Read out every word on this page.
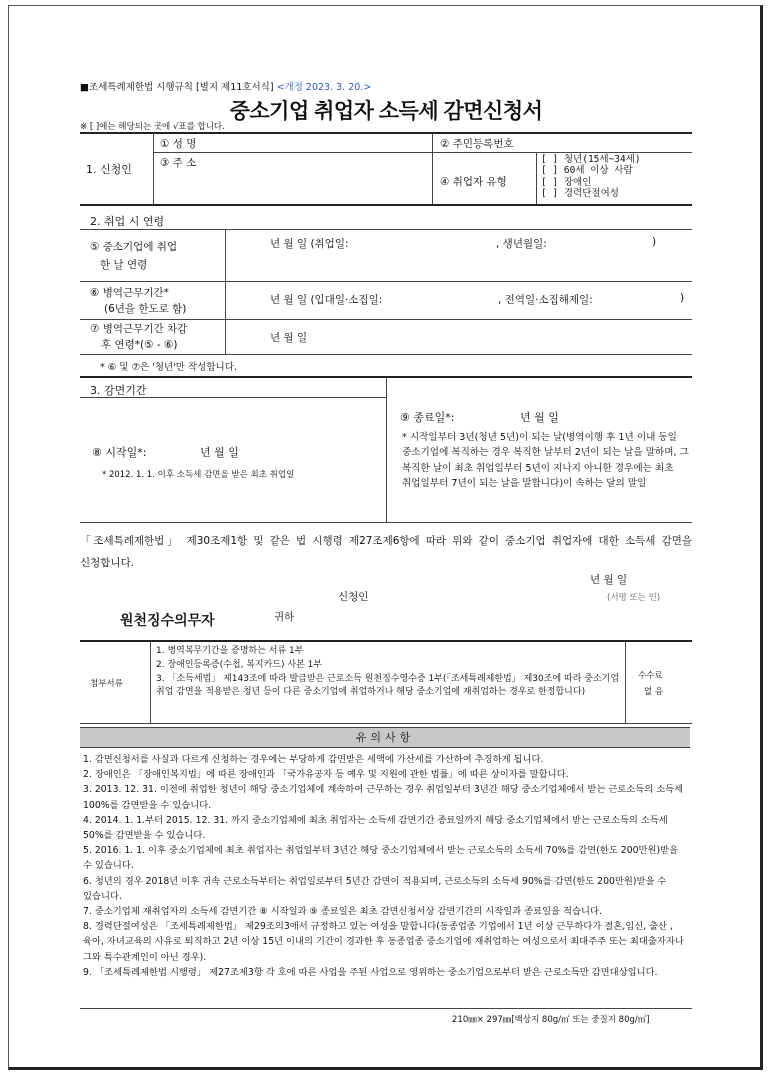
■조세특례제한법 시행규칙 [별지 제11호서식] <개정 2023. 3. 20.>
중소기업 취업자 소득세 감면신청서
※ [ ]에는 해당되는 곳에 √표를 합니다.
1. 신청인
① 성 명	② 주민등록번호
③ 주 소
④ 취업자 유형
[ ] 청년(15세~34세)
[ ] 60세 이상 사람
[ ] 장애인
[ ] 경력단절여성
2. 취업 시 연령
⑤ 중소기업에 취업
한 날 연령
년 월 일 (취업일:	, 생년월일:	)
⑥ 병역근무기간*
(6년을 한도로 함)
년 월 일 (입대일·소집일:	, 전역일·소집해제일:	)
⑦ 병역근무기간 차감
후 연령*(⑤ - ⑥)
년 월 일
* ⑥ 및 ⑦은 '청년'만 작성합니다.
3. 감면기간
⑧ 시작일*:	년 월 일
* 2012. 1. 1. 이후 소득세 감면을 받은 최초 취업일
⑨ 종료일*:	년 월 일
* 시작일부터 3년(청년 5년)이 되는 날(병역이행 후 1년 이내 동일 중소기업에 복직하는 경우 복직한 날부터 2년이 되는 날을 말하며, 그 복직한 날이 최초 취업일부터 5년이 지나지 아니한 경우에는 최초 취업일부터 7년이 되는 날을 말합니다)이 속하는 달의 말일
「조세특례제한법」 제30조제1항 및 같은 법 시행령 제27조제6항에 따라 위와 같이 중소기업 취업자에 대한 소득세 감면을 신청합니다.
년 월 일
신청인	(서명 또는 인)
원천징수의무자	귀하
첨부서류
1. 병역복무기간을 증명하는 서류 1부
2. 장애인등록증(수첩, 복지카드) 사본 1부
3. 「소득세법」 제143조에 따라 발급받은 근로소득 원천징수영수증 1부(「조세특례제한법」 제30조에 따라 중소기업 취업 감면을 적용받은 청년 등이 다른 중소기업에 취업하거나 해당 중소기업에 재취업하는 경우로 한정합니다)
수수료
없 음
유의사항
1. 감면신청서를 사실과 다르게 신청하는 경우에는 부당하게 감면받은 세액에 가산세를 가산하여 추징하게 됩니다.
2. 장애인은 「장애인복지법」에 따른 장애인과 「국가유공자 등 예우 및 지원에 관한 법률」에 따른 상이자를 말합니다.
3. 2013. 12. 31. 이전에 취업한 청년이 해당 중소기업체에 계속하여 근무하는 경우 취업일부터 3년간 해당 중소기업체에서 받는 근로소득의 소득세 100%를 감면받을 수 있습니다.
4. 2014. 1. 1.부터 2015. 12. 31. 까지 중소기업체에 최초 취업자는 소득세 감면기간 종료일까지 해당 중소기업체에서 받는 근로소득의 소득세 50%를 감면받을 수 있습니다.
5. 2016. 1. 1. 이후 중소기업체에 최초 취업자는 취업일부터 3년간 해당 중소기업체에서 받는 근로소득의 소득세 70%를 감면(한도 200만원)받을 수 있습니다.
6. 청년의 경우 2018년 이후 귀속 근로소득부터는 취업일로부터 5년간 감면이 적용되며, 근로소득의 소득세 90%를 감면(한도 200만원)받을 수 있습니다.
7. 중소기업체 재취업자의 소득세 감면기간 ⑧ 시작일과 ⑨ 종료일은 최초 감면신청서상 감면기간의 시작일과 종료일을 적습니다.
8. 경력단절여성은 「조세특례제한법」 제29조의3에서 규정하고 있는 여성을 말합니다(동종업종 기업에서 1년 이상 근무하다가 결혼,임신, 출산 ,육아, 자녀교육의 사유로 퇴직하고 2년 이상 15년 이내의 기간이 경과한 후 동종업종 중소기업에 재취업하는 여성으로서 최대주주 또는 최대출자자나 그와 특수관계인이 아닌 경우).
9. 「조세특례제한법 시행령」 제27조제3항 각 호에 따른 사업을 주된 사업으로 영위하는 중소기업으로부터 받은 근로소득만 감면대상입니다.
210㎜× 297㎜[백상지 80g/㎡ 또는 중질지 80g/㎡]
